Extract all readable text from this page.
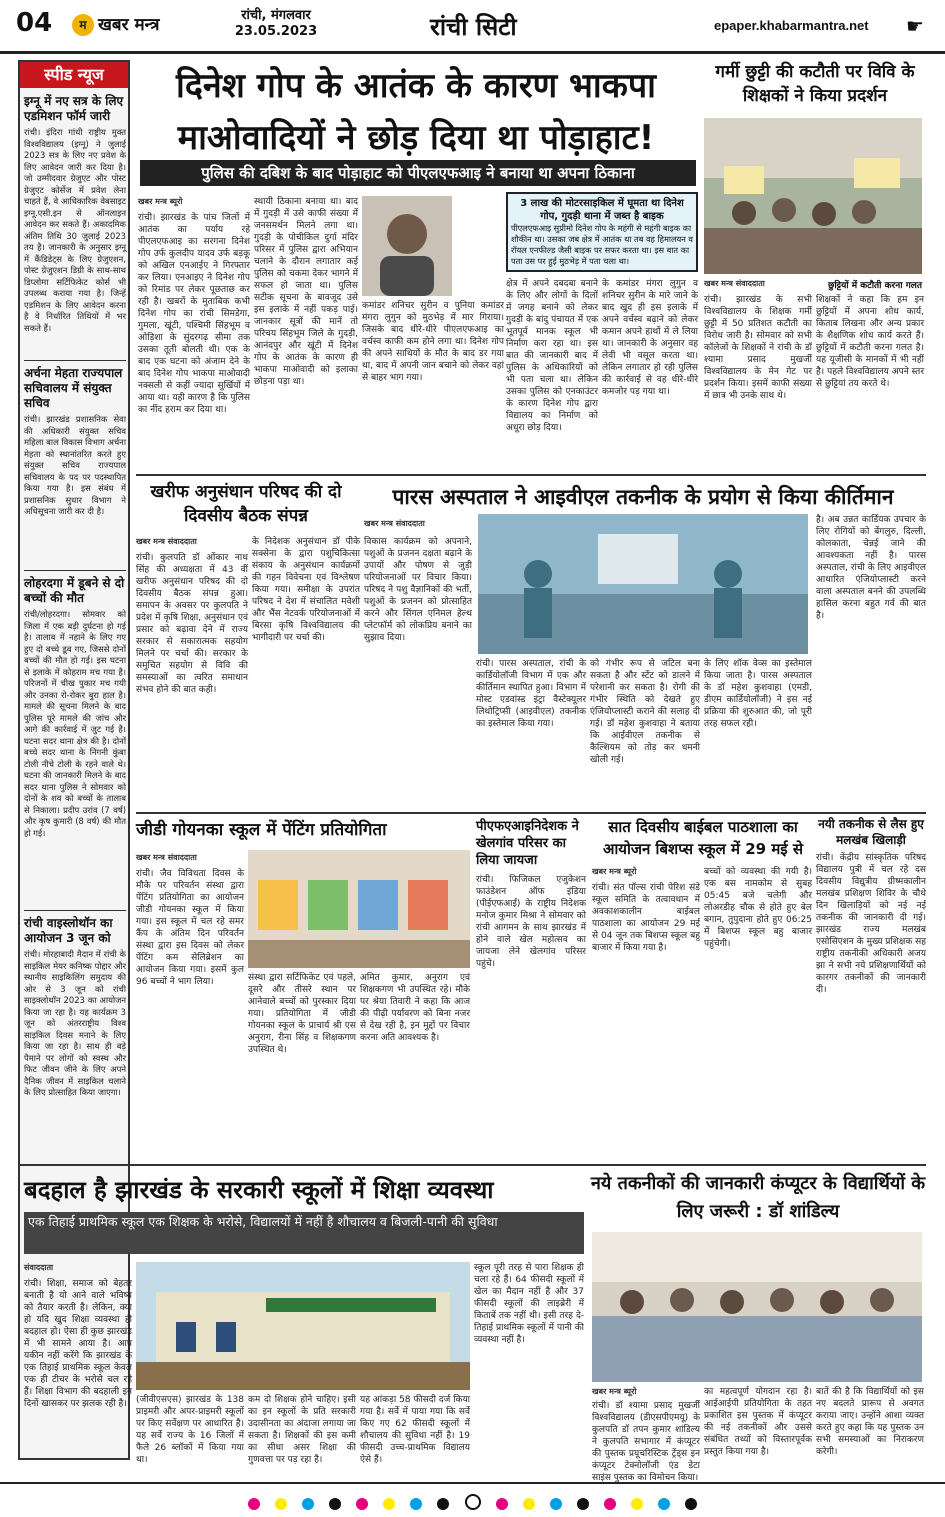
04	म खबर मन्त्र	रांची, मंगलवार
23.05.2023	रांची सिटी	epaper.khabarmantra.net ☛
स्पीड न्यूज
इग्नू में नए सत्र के लिए एडमिशन फॉर्म जारी
रांची। इंदिरा गांधी राष्ट्रीय मुक्त विश्वविद्यालय (इग्नू) ने जुलाई 2023 सत्र के लिए नए प्रवेश के लिए आवेदन जारी कर दिया है। जो उम्मीदवार ग्रेजुएट और पोस्ट ग्रेजुएट कोर्सेज में प्रवेश लेना चाहते हैं, वे आधिकारिक वेबसाइट इग्नू.एसी.इन से ऑनलाइन आवेदन कर सकते हैं। अकादमिक अंतिम तिथि 30 जुलाई 2023 तय है। जानकारी के अनुसार इग्नू में कैंडिडेट्स के लिए ग्रेजुएशन, पोस्ट ग्रेजुएशन डिग्री के साथ-साथ डिप्लोमा सर्टिफिकेट कोर्स भी उपलब्ध कराया गया है। जिन्हें एडमिशन के लिए आवेदन करना है वे निर्धारित तिथियों में भर सकते हैं।
अर्चना मेहता राज्यपाल सचिवालय में संयुक्त सचिव
रांची। झारखंड प्रशासनिक सेवा की अधिकारी संयुक्त सचिव महिला बाल विकास विभाग अर्चना मेहता को स्थानांतरित करते हुए संयुक्त सचिव राज्यपाल सचिवालय के पद पर पदस्थापित किया गया है। इस संबंध में प्रशासनिक सुधार विभाग ने अधिसूचना जारी कर दी है।
लोहरदगा में डूबने से दो बच्चों की मौत
रांची/लोहरदगा। सोमवार को जिला में एक बड़ी दुर्घटना हो गई है। तालाब में नहाने के लिए गए हुए दो बच्चे डूब गए, जिससे दोनों बच्चों की मौत हो गई। इस घटना से इलाके में कोहराम मच गया है। परिजनों में चीख पुकार मच गयी और उनका रो-रोकर बुरा हाल है। मामले की सूचना मिलने के बाद पुलिस पूरे मामले की जांच और आगे की कार्रवाई में जुट गई है। घटना सदर थाना क्षेत्र की है। दोनों बच्चे सदर थाना के निंगनी कुंबा टोली नीचे टोली के रहने वाले थे। घटना की जानकारी मिलने के बाद सदर थाना पुलिस ने सोमवार को दोनों के शव को बच्चों के तालाब से निकाला। प्रदीप उरांव (7 वर्ष) और कृष कुमारी (8 वर्ष) की मौत हो गई।
रांची वाइस्लोथॉन का आयोजन 3 जून को
रांची। मोरहाबादी मैदान में रांची के साइकिल मेयर कनिष्क पोद्दार और स्थानीय साइकिलिंग समुदाय की ओर से 3 जून को रांची साइक्लोथॉन 2023 का आयोजन किया जा रहा है। यह कार्यक्रम 3 जून को अंतरराष्ट्रीय विश्व साइकिल दिवस मनाने के लिए किया जा रहा है। साथ ही बड़े पैमाने पर लोगों को स्वस्थ और फिट जीवन जीने के लिए अपने दैनिक जीवन में साइकिल चलाने के लिए प्रोत्साहित किया जाएगा।
दिनेश गोप के आतंक के कारण भाकपा
माओवादियों ने छोड़ दिया था पोड़ाहाट!
पुलिस की दबिश के बाद पोड़ाहाट को पीएलएफआइ ने बनाया था अपना ठिकाना
खबर मन्त्र ब्यूरो
रांची। झारखंड के पांच जिलों में आतंक का पर्याय रहे पीएलएफआइ का सरगना दिनेश गोप उर्फ कुलदीप यादव उर्फ बड़कू को अखिल एनआईए ने गिरफ्तार कर लिया। एनआइए ने दिनेश गोप को रिमांड पर लेकर पूछताछ कर रही है। खबरों के मुताबिक कभी दिनेश गोप का रांची सिमडेगा, गुमला, खूंटी, पश्चिमी सिंहभूम व ओड़िशा के सुंदरगढ़ सीमा तक उसका तूती बोलती थी। एक के बाद एक घटना को अंजाम देने के बाद दिनेश गोप भाकपा माओवादी नक्सली से कहीं ज्यादा सुर्खियों में आया था। यही कारण है कि पुलिस का नींद हराम कर दिया था।
स्थायी ठिकाना बनाया था। बाद में गुदड़ी में उसे काफी संख्या में जनसमर्थन मिलने लगा था। गुदड़ी के पोचीकिल दुर्गा मंदिर परिसर में पुलिस द्वारा अभियान चलाने के दौरान लगातार कई पुलिस को चकमा देकर भागने में सफल हो जाता था। पुलिस सटीक सूचना के बावजूद उसे इस इलाके में नहीं पकड़ पाई। जानकार सूत्रों की मानें तो परिचय सिंहभूम जिले के गुदड़ी, आनंदपुर और खूंटी में दिनेश गोप के आतंक के कारण ही भाकपा माओवादी को इलाका छोड़ना पड़ा था।
कमांडर शनिचर सुरीन व पुनिया कमांडर मंगरा लुगुन को मुठभेड़ में मार गिराया। जिसके बाद धीरे-धीरे पीएलएफआइ का वर्चस्व काफी कम होने लगा था। दिनेश गोप की अपने साथियों के मौत के बाद डर गया था, बाद में अपनी जान बचाने को लेकर वहां से बाहर भाग गया।
3 लाख की मोटरसाइकिल में घूमता था दिनेश गोप, गुदड़ी थाना में जब्त है बाइक
पीएलएफआइ सुप्रीमो दिनेश गोप के महंगी से महंगी बाइक का शौकीन था। उसका जब क्षेत्र में आतंक था तब वह हिमालयन व रॉयल एनफील्ड जैसी बाइक पर सफर करता था। इस बात का पता उस पर हुई मुठभेड़ में पता चला था।
क्षेत्र में अपने दबदबा बनाने के लिए और लोगों के दिलों में जगह बनाने को लेकर गुदड़ी के बांदु पंचायत में एक भूतपूर्व मानक स्कूल भी निर्माण करा रहा था। इस बात की जानकारी बाद में पुलिस के अधिकारियों को भी पता चला था। लेकिन उसका पुलिस को एनकाउंटर के कारण दिनेश गोप द्वारा विद्यालय का निर्माण को अधूरा छोड़ दिया।
के कमांडर मंगरा लुगुन व शनिचर सुरीन के मारे जाने के बाद खुद ही इस इलाके में अपने वर्चस्व बढ़ाने को लेकर कमान अपने हाथों में ले लिया था। जानकारी के अनुसार वह लेवी भी वसूल करता था। लेकिन लगातार हो रही पुलिस की कार्रवाई से वह धीरे-धीरे कमजोर पड़ गया था।
गर्मी छुट्टी की कटौती पर विवि के शिक्षकों ने किया प्रदर्शन
छुट्टियों में कटौती करना गलत
खबर मन्त्र संवाददाता
रांची। झारखंड के सभी विश्वविद्यालय के शिक्षक गर्मी छुट्टी में 50 प्रतिशत कटौती का विरोध जारी है। सोमवार को सभी कॉलेजों के शिक्षकों ने रांची के डॉ श्यामा प्रसाद मुखर्जी विश्वविद्यालय के मेन गेट पर प्रदर्शन किया। इसमें काफी संख्या में छात्र भी उनके साथ थे।
शिक्षकों ने कहा कि हम इन छुट्टियों में अपना शोध कार्य, किताब लिखना और अन्य प्रकार के शैक्षणिक शोध कार्य करते हैं। छुट्टियों में कटौती करना गलत है। यह यूजीसी के मानकों में भी नहीं है। पहले विश्वविद्यालय अपने स्तर से छुट्टियां तय करते थे।
खरीफ अनुसंधान परिषद की दो दिवसीय बैठक संपन्न
खबर मन्त्र संवाददाता
रांची। कुलपति डॉ ओंकार नाथ सिंह की अध्यक्षता में 43 वीं खरीफ अनुसंधान परिषद की दो दिवसीय बैठक संपन्न हुआ। समापन के अवसर पर कुलपति ने प्रदेश में कृषि शिक्षा, अनुसंधान एवं प्रसार को बढ़ावा देने में राज्य सरकार से सकारात्मक सहयोग मिलने पर चर्चा की। सरकार के समुचित सहयोग से विवि की समस्याओं का त्वरित समाधान संभव होने की बात कही।
के निदेशक अनुसंधान डॉ पीके सक्सेना के द्वारा पशुचिकित्सा संकाय के अनुसंधान कार्यक्रमों की गहन विवेचना एवं विश्लेषण किया गया। समीक्षा के उपरांत परिषद ने देश में संचालित मवेशी और भैंस नेटवर्क परियोजनाओं में बिरसा कृषि विश्वविद्यालय की भागीदारी पर चर्चा की।
विकास कार्यक्रम को अपनाने, पशुओं के प्रजनन दक्षता बढ़ाने के उपायों और पोषण से जुड़ी परियोजनाओं पर विचार किया। परिषद ने पशु वैज्ञानिकों की भर्ती, पशुओं के प्रजनन को प्रोत्साहित करने और सिंगल एनिमल हेल्थ प्लेटफॉर्म को लोकप्रिय बनाने का सुझाव दिया।
पारस अस्पताल ने आइवीएल तकनीक के प्रयोग से किया कीर्तिमान
खबर मन्त्र संवाददाता
रांची। पारस अस्पताल, रांची के कार्डियोलॉजी विभाग में एक और कीर्तिमान स्थापित हुआ। विभाग में मोस्ट एडवांस्ड इंट्रा वैस्टेक्यूलर लिथोट्रिप्सी (आइवीएल) तकनीक का इस्तेमाल किया गया।
को गंभीर रूप से जटिल बना सकता है और स्टेंट को डालने में परेशानी कर सकता है। रोगी की गंभीर स्थिति को देखते हुए एंजियोप्लास्टी कराने की सलाह दी गई। डॉ महेश कुशवाहा ने बताया कि आईवीएल तकनीक से कैल्शियम को तोड़ कर धमनी खोली गई।
के लिए शॉक वेव्स का इस्तेमाल किया जाता है। पारस अस्पताल के डॉ महेश कुशवाहा (एमडी, डीएम कार्डियोलॉजी) ने इस नई प्रक्रिया की शुरुआत की, जो पूरी तरह सफल रही।
है। अब उन्नत कार्डियक उपचार के लिए रोगियों को बेंगलुरु, दिल्ली, कोलकाता, चेन्नई जाने की आवश्यकता नहीं है। पारस अस्पताल, रांची के लिए आइवीएल आधारित एंजियोप्लास्टी करने वाला अस्पताल बनने की उपलब्धि हासिल करना बहुत गर्व की बात है।
जीडी गोयनका स्कूल में पेंटिंग प्रतियोगिता
खबर मन्त्र संवाददाता
रांची। जैव विविधता दिवस के मौके पर परिवर्तन संस्था द्वारा पेंटिंग प्रतियोगिता का आयोजन जीडी गोयनका स्कूल में किया गया। इस स्कूल में चल रहे समर कैंप के अंतिम दिन परिवर्तन संस्था द्वारा इस दिवस को लेकर पेंटिंग कम सेलिब्रेशन का आयोजन किया गया। इसमें कुल 96 बच्चों ने भाग लिया।	संस्था द्वारा सर्टिफिकेट एवं पहले, दूसरे और तीसरे स्थान पर आनेवाले बच्चों को पुरस्कार दिया गया। प्रतियोगिता में जीडी गोयनका स्कूल के प्राचार्य श्री एस अनुराग, रीना सिंह व शिक्षकगण उपस्थित थे।
अमित कुमार, अनुराग एवं शिक्षकगण भी उपस्थित रहे। मौके पर श्रेया तिवारी ने कहा कि आज की पीढ़ी पर्यावरण को बिना नजर से देख रही है, इन मुद्दों पर विचार करना अति आवश्यक है।
पीएफएआइनिदेशक ने खेलगांव परिसर का लिया जायजा
रांची। फिजिकल एजुकेशन फाउंडेशन ऑफ इंडिया (पीईएफआई) के राष्ट्रीय निदेशक मनोज कुमार मिश्रा ने सोमवार को रांची आगमन के साथ झारखंड में होने वाले खेल महोत्सव का जायजा लेने खेलगांव परिसर पहुंचे।
सात दिवसीय बाईबल पाठशाला का आयोजन बिशप्स स्कूल में 29 मई से
खबर मन्त्र ब्यूरो
रांची। संत पॉल्स रांची पेरिश संडे स्कूल समिति के तत्वावधान में अवकाशकालीन बाईबल पाठशाला का आयोजन 29 मई से 04 जून तक बिशप्स स्कूल बहु बाजार में किया गया है।
बच्चों को व्यवस्था की गयी है। एक बस नामकोम से सुबह 05:45 बजे चलेगी और लोअरडीह चौक से होते हुए बेल बगान, तुपुदाना होते हुए 06:25 में बिशप्स स्कूल बहु बाजार पहुंचेगी।
नयी तकनीक से लैस हुए मलखंब खिलाड़ी
रांची। केंद्रीय सांस्कृतिक परिषद विद्यालय पुत्री में चल रहे दस दिवसीय विद्युत्रीय ग्रीष्मकालीन मलखंब प्रशिक्षण शिविर के चौथे दिन खिलाड़ियों को नई नई तकनीक की जानकारी दी गई। झारखंड राज्य मलखंब एसोसिएशन के मुख्य प्रशिक्षक सह राष्ट्रीय तकनीकी अधिकारी अजय झा ने सभी नये प्रशिक्षणार्थियों को कारगर तकनीकों की जानकारी दी।
बदहाल है झारखंड के सरकारी स्कूलों में शिक्षा व्यवस्था
एक तिहाई प्राथमिक स्कूल एक शिक्षक के भरोसे, विद्यालयों में नहीं है शौचालय व बिजली-पानी की सुविधा
संवाददाता
रांची। शिक्षा, समाज को बेहतर बनाती है यो आने वाले भविष्य को तैयार करती है। लेकिन, क्या हो यदि खुद शिक्षा व्यवस्था ही बदहाल हो। ऐसा ही कुछ झारखंड में भी सामने आया है। आप यकीन नहीं करेंगे कि झारखंड के एक तिहाई प्राथमिक स्कूल केवल एक ही टीचर के भरोसे चल रहे हैं। शिक्षा विभाग की बदहाली इन दिनों खासकर पर झलक रही है।	(जीवीएसएस) झारखंड के 138 प्राइमरी और अपर-प्राइमरी स्कूलों पर किए सर्वेक्षण पर आधारित है। यह सर्वे राज्य के 16 जिलों में फैले 26 ब्लॉकों में किया गया था।
कम दो शिक्षक होने चाहिए। इसी का इन स्कूलों के प्रति सरकारी उदासीनता का अंदाजा लगाया जा सकता है। शिक्षकों की इस कमी का सीधा असर शिक्षा की गुणवत्ता पर पड़ रहा है।
यह आंकड़ा 58 फीसदी दर्ज किया गया है। सर्वे में पाया गया कि सर्वे किए गए 62 फीसदी स्कूलों में शौचालय की सुविधा नहीं है। 19 फीसदी उच्च-प्राथमिक विद्यालय ऐसे हैं।
स्कूल पूरी तरह से पारा शिक्षक ही चला रहे हैं। 64 फीसदी स्कूलों में खेल का मैदान नहीं है और 37 फीसदी स्कूलों की लाइब्रेरी में किताबें तक नहीं थी। इसी तरह दे-तिहाई प्राथमिक स्कूलों में पानी की व्यवस्था नहीं है।
नये तकनीकों की जानकारी कंप्यूटर के विद्यार्थियों के लिए जरूरी : डॉ शांडिल्य
खबर मन्त्र ब्यूरो
रांची। डॉ श्यामा प्रसाद मुखर्जी विश्वविद्यालय (डीएसपीएमयू) के कुलपति डॉ तपन कुमार शांडिल्य ने कुलपति सभागार में कंप्यूटर की पुस्तक प्रयूचरिस्टिक ट्रेंड्स इन कंप्यूटर टेक्नोलॉजी एंड डेटा साइंस पुस्तक का विमोचन किया।
का महत्वपूर्ण योगदान रहा है। आईआईपी प्रतियोगिता के तहत प्रकाशित इस पुस्तक में कंप्यूटर की नई तकनीकों और उससे संबंधित तथ्यों को विस्तारपूर्वक प्रस्तुत किया गया है।
बातें की है कि विद्यार्थियों को इस नए बदलते प्रारूप से अवगत कराया जाए। उन्होंने आशा व्यक्त करते हुए कहा कि यह पुस्तक उन सभी समस्याओं का निराकरण करेगी।
